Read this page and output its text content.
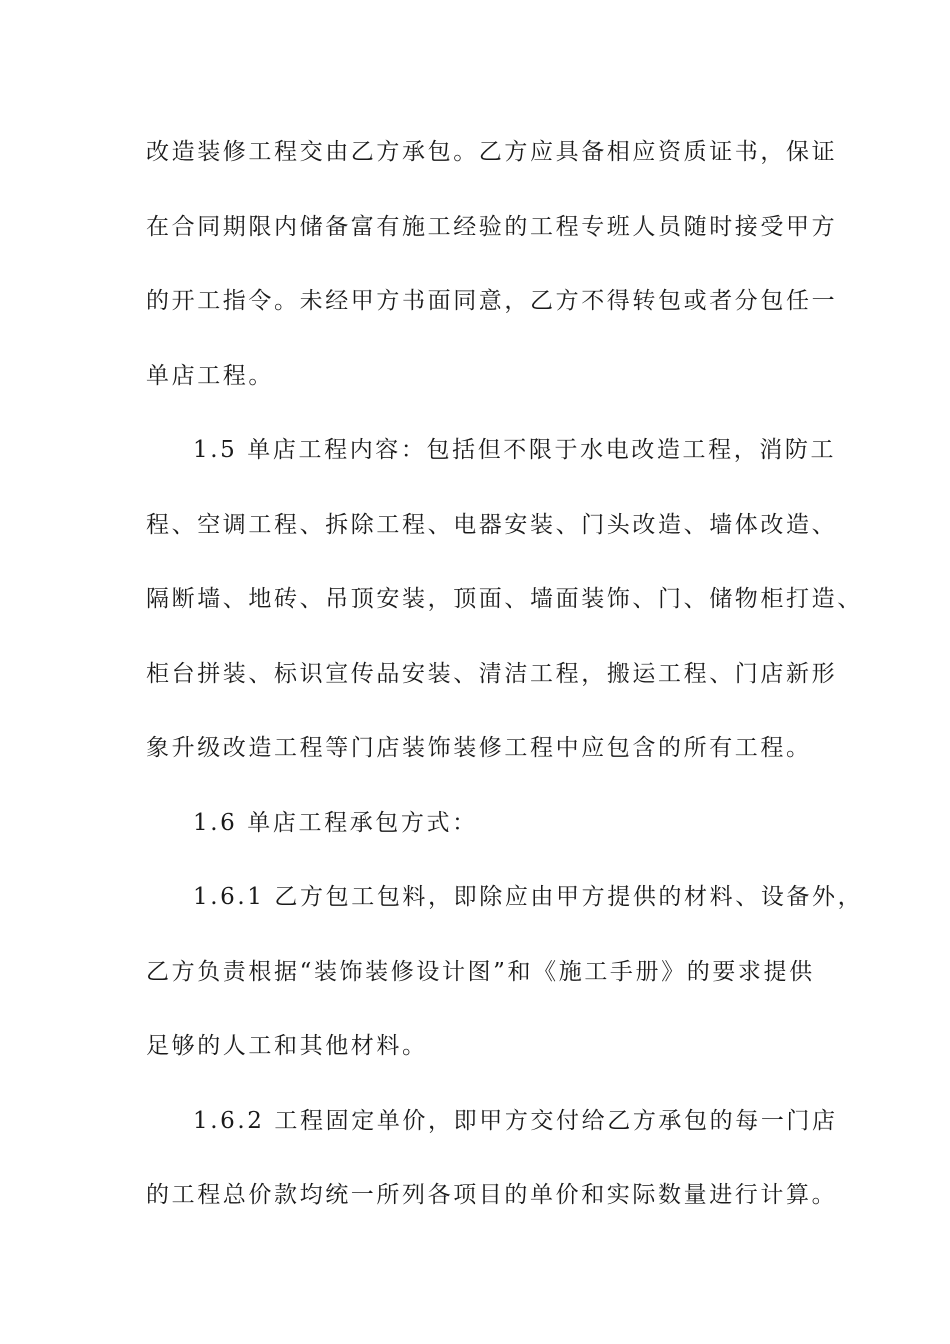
改造装修工程交由乙方承包。乙方应具备相应资质证书，保证
在合同期限内储备富有施工经验的工程专班人员随时接受甲方
的开工指令。未经甲方书面同意，乙方不得转包或者分包任一
单店工程。
1.5 单店工程内容：包括但不限于水电改造工程，消防工
程、空调工程、拆除工程、电器安装、门头改造、墙体改造、
隔断墙、地砖、吊顶安装，顶面、墙面装饰、门、储物柜打造、
柜台拼装、标识宣传品安装、清洁工程，搬运工程、门店新形
象升级改造工程等门店装饰装修工程中应包含的所有工程。
1.6 单店工程承包方式：
1.6.1 乙方包工包料，即除应由甲方提供的材料、设备外，
乙方负责根据“装饰装修设计图”和《施工手册》的要求提供
足够的人工和其他材料。
1.6.2 工程固定单价，即甲方交付给乙方承包的每一门店
的工程总价款均统一所列各项目的单价和实际数量进行计算。
